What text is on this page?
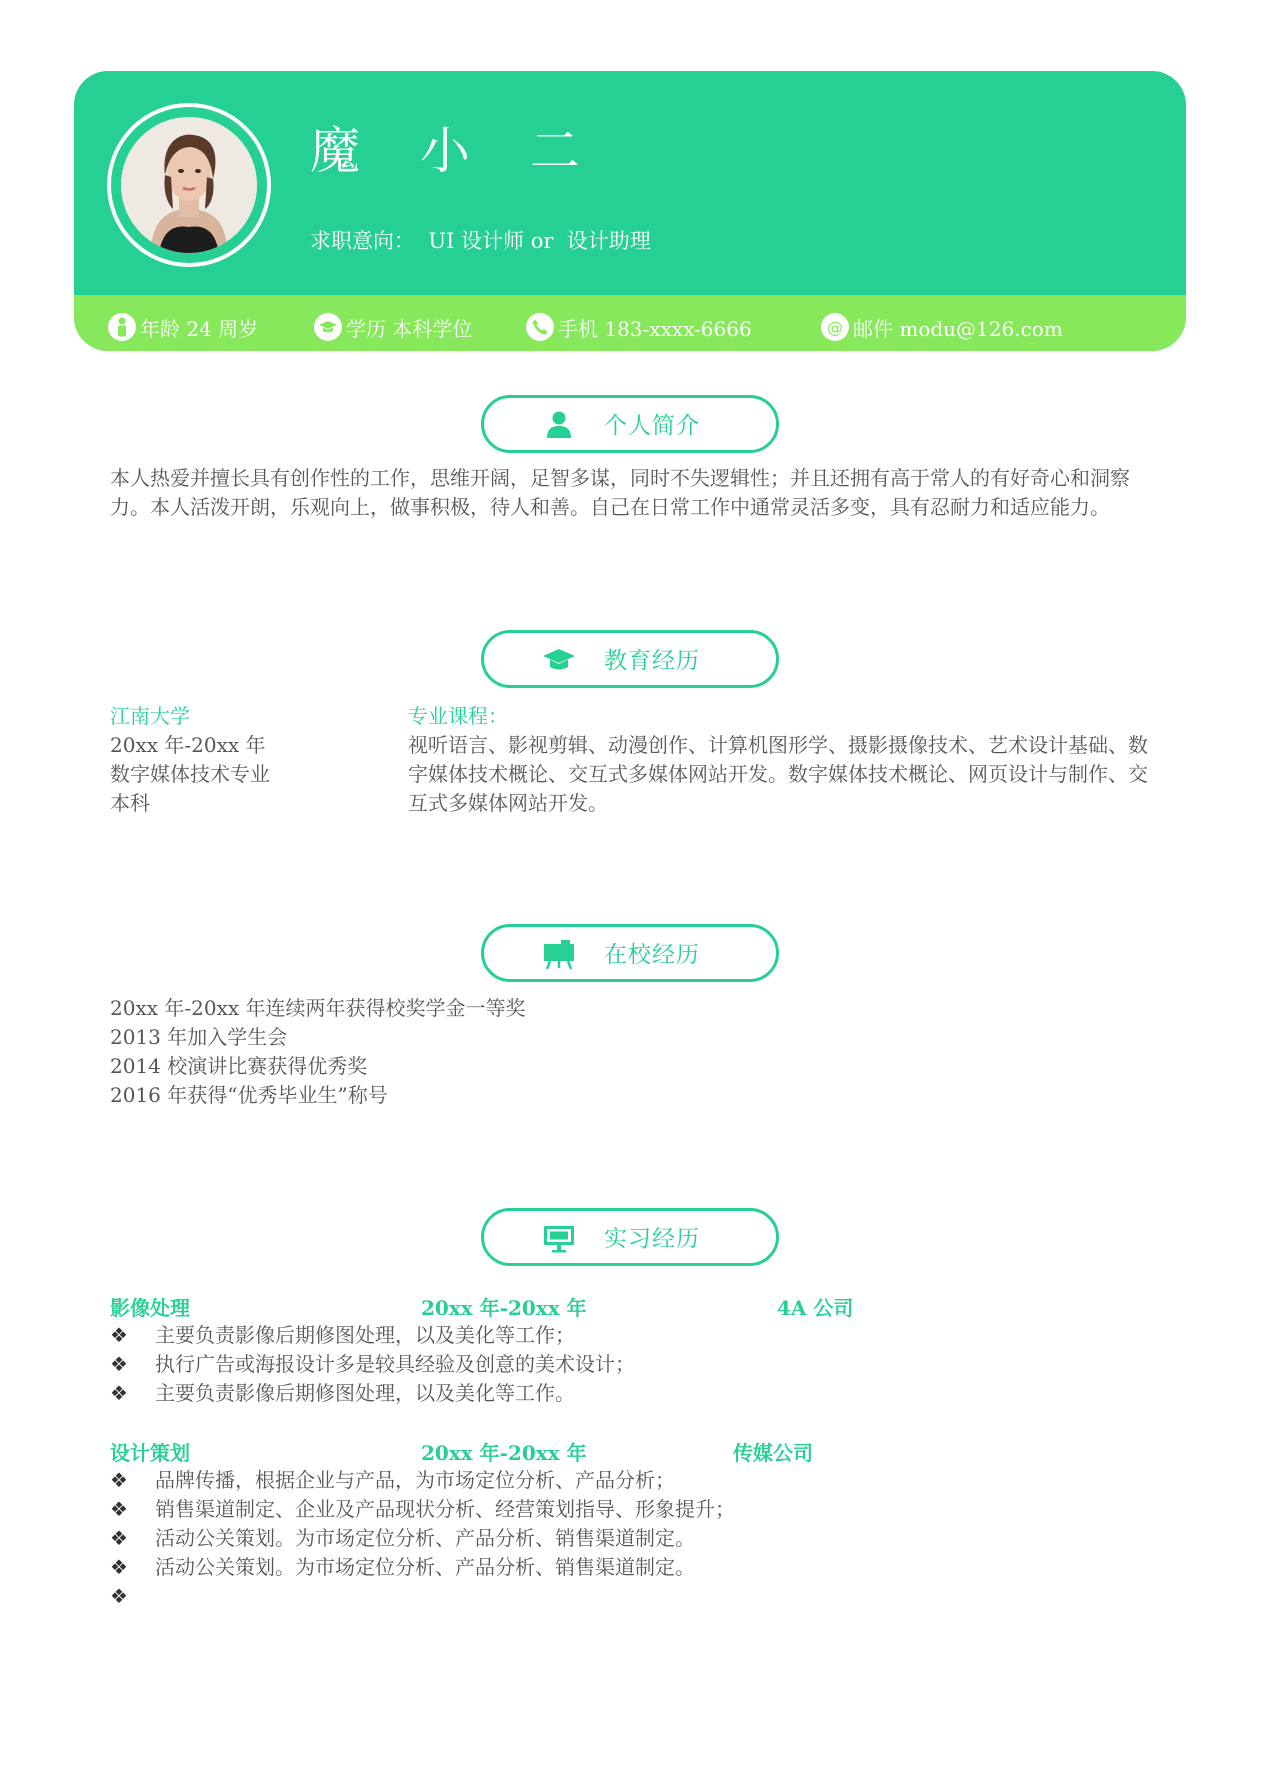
魔 小 二
求职意向：  UI 设计师 or  设计助理
年龄 24 周岁	学历 本科学位	手机 183-xxxx-6666	@ 邮件 modu@126.com
个人简介
本人热爱并擅长具有创作性的工作，思维开阔，足智多谋，同时不失逻辑性；并且还拥有高于常人的有好奇心和洞察力。本人活泼开朗，乐观向上，做事积极，待人和善。自己在日常工作中通常灵活多变，具有忍耐力和适应能力。
教育经历
江南大学
20xx 年-20xx 年
数字媒体技术专业
本科
专业课程：
视听语言、影视剪辑、动漫创作、计算机图形学、摄影摄像技术、艺术设计基础、数字媒体技术概论、交互式多媒体网站开发。数字媒体技术概论、网页设计与制作、交互式多媒体网站开发。
在校经历
20xx 年-20xx 年连续两年获得校奖学金一等奖
2013 年加入学生会
2014 校演讲比赛获得优秀奖
2016 年获得“优秀毕业生”称号
实习经历
影像处理	20xx 年-20xx 年	4A 公司
❖ 主要负责影像后期修图处理，以及美化等工作；
❖ 执行广告或海报设计多是较具经验及创意的美术设计；
❖ 主要负责影像后期修图处理，以及美化等工作。
设计策划	20xx 年-20xx 年	传媒公司
❖ 品牌传播，根据企业与产品，为市场定位分析、产品分析；
❖ 销售渠道制定、企业及产品现状分析、经营策划指导、形象提升；
❖ 活动公关策划。为市场定位分析、产品分析、销售渠道制定。
❖ 活动公关策划。为市场定位分析、产品分析、销售渠道制定。
❖
